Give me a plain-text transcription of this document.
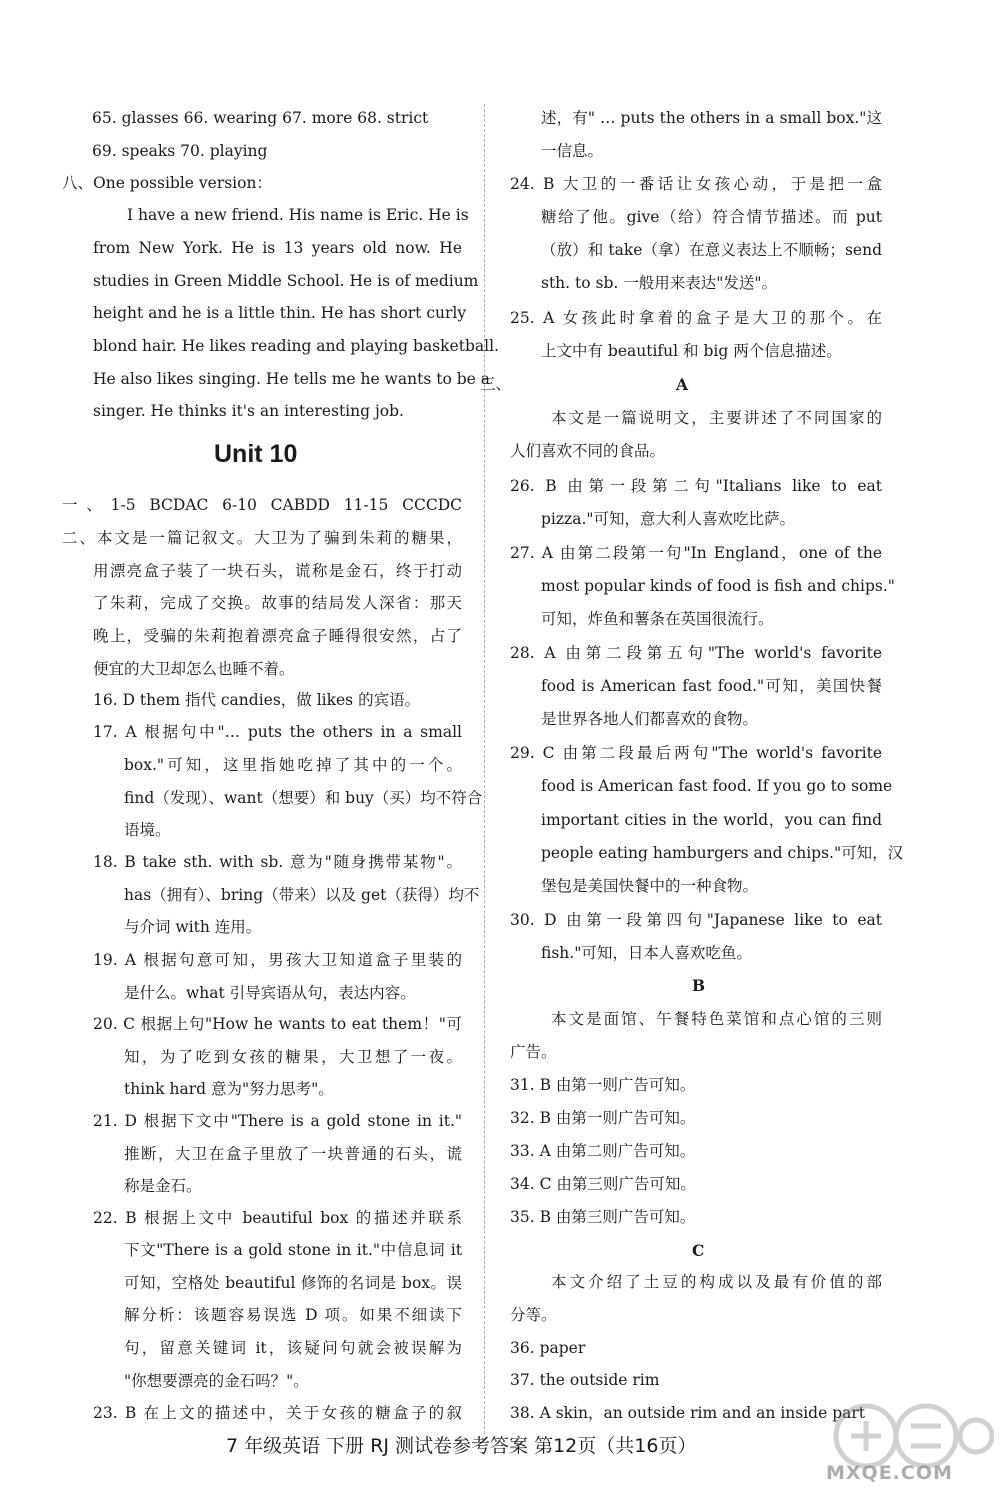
65. glasses 66. wearing 67. more 68. strict
69. speaks 70. playing
八、One possible version：
I have a new friend. His name is Eric. He is
from New York. He is 13 years old now. He
studies in Green Middle School. He is of medium
height and he is a little thin. He has short curly
blond hair. He likes reading and playing basketball.
He also likes singing. He tells me he wants to be a
singer. He thinks it's an interesting job.
一、1-5 BCDAC 6-10 CABDD 11-15 CCCDC
二、本文是一篇记叙文。大卫为了骗到朱莉的糖果，
用漂亮盒子装了一块石头，谎称是金石，终于打动
了朱莉，完成了交换。故事的结局发人深省：那天
晚上，受骗的朱莉抱着漂亮盒子睡得很安然，占了
便宜的大卫却怎么也睡不着。
16. D them 指代 candies，做 likes 的宾语。
17. A 根据句中"… puts the others in a small
box."可知，这里指她吃掉了其中的一个。
find（发现）、want（想要）和 buy（买）均不符合
语境。
18. B take sth. with sb. 意为"随身携带某物"。
has（拥有）、bring（带来）以及 get（获得）均不
与介词 with 连用。
19. A 根据句意可知，男孩大卫知道盒子里装的
是什么。what 引导宾语从句，表达内容。
20. C 根据上句"How he wants to eat them！"可
知，为了吃到女孩的糖果，大卫想了一夜。
think hard 意为"努力思考"。
21. D 根据下文中"There is a gold stone in it."
推断，大卫在盒子里放了一块普通的石头，谎
称是金石。
22. B 根据上文中 beautiful box 的描述并联系
下文"There is a gold stone in it."中信息词 it
可知，空格处 beautiful 修饰的名词是 box。误
解分析：该题容易误选 D 项。如果不细读下
句，留意关键词 it，该疑问句就会被误解为
"你想要漂亮的金石吗？"。
23. B 在上文的描述中，关于女孩的糖盒子的叙
述，有" … puts the others in a small box."这
一信息。
24. B 大卫的一番话让女孩心动，于是把一盒
糖给了他。give（给）符合情节描述。而 put
（放）和 take（拿）在意义表达上不顺畅；send
sth. to sb. 一般用来表达"发送"。
25. A 女孩此时拿着的盒子是大卫的那个。在
上文中有 beautiful 和 big 两个信息描述。
三、
本文是一篇说明文，主要讲述了不同国家的
人们喜欢不同的食品。
26. B 由第一段第二句"Italians like to eat
pizza."可知，意大利人喜欢吃比萨。
27. A 由第二段第一句"In England，one of the
most popular kinds of food is fish and chips."
可知，炸鱼和薯条在英国很流行。
28. A 由第二段第五句"The world's favorite
food is American fast food."可知，美国快餐
是世界各地人们都喜欢的食物。
29. C 由第二段最后两句"The world's favorite
food is American fast food. If you go to some
important cities in the world，you can find
people eating hamburgers and chips."可知，汉
堡包是美国快餐中的一种食物。
30. D 由第一段第四句"Japanese like to eat
fish."可知，日本人喜欢吃鱼。
本文是面馆、午餐特色菜馆和点心馆的三则
广告。
31. B 由第一则广告可知。
32. B 由第一则广告可知。
33. A 由第二则广告可知。
34. C 由第三则广告可知。
35. B 由第三则广告可知。
本文介绍了土豆的构成以及最有价值的部
分等。
36. paper
37. the outside rim
38. A skin，an outside rim and an inside part
A
B
C
Unit 10
7 年级英语 下册 RJ 测试卷参考答案 第12页（共16页）
MXQE.COM
